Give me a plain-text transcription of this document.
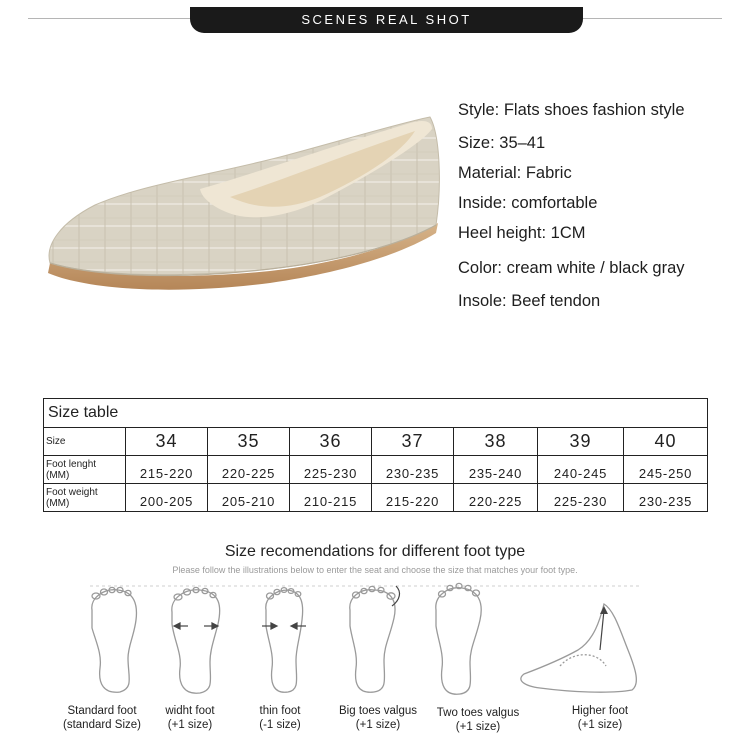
SCENES REAL SHOT
Style: Flats shoes fashion style
Size: 35–41
Material: Fabric
Inside: comfortable
Heel height: 1CM
Color: cream white / black gray
Insole: Beef tendon
Size table							
Size	34	35	36	37	38	39	40
Foot lenght
(MM)	215-220	220-225	225-230	230-235	235-240	240-245	245-250
Foot weight
(MM)	200-205	205-210	210-215	215-220	220-225	225-230	230-235
Size recomendations for different foot type
Please follow the illustrations below to enter the seat and choose the size that matches your foot type.
Standard foot
(standard Size)
widht foot
(+1 size)
thin foot
(-1 size)
Big toes valgus
(+1 size)
Two toes valgus
(+1 size)
Higher foot
(+1 size)
